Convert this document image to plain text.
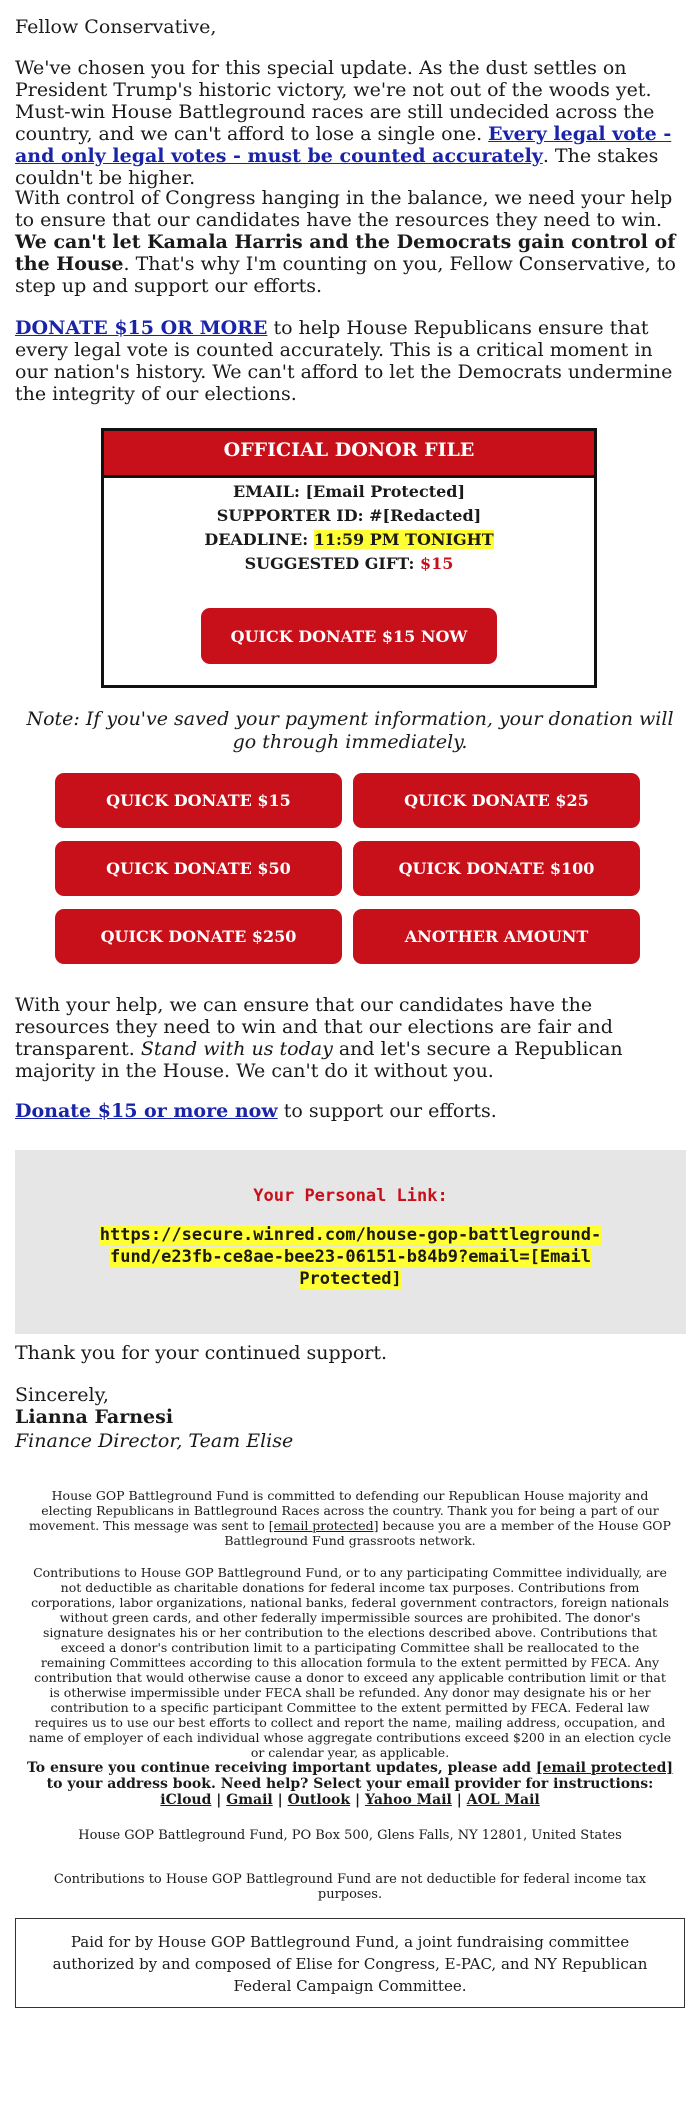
Fellow Conservative,
We've chosen you for this special update. As the dust settles on President Trump's historic victory, we're not out of the woods yet. Must-win House Battleground races are still undecided across the country, and we can't afford to lose a single one. Every legal vote - and only legal votes - must be counted accurately. The stakes couldn't be higher.
With control of Congress hanging in the balance, we need your help to ensure that our candidates have the resources they need to win. We can't let Kamala Harris and the Democrats gain control of the House. That's why I'm counting on you, Fellow Conservative, to step up and support our efforts.
DONATE $15 OR MORE to help House Republicans ensure that every legal vote is counted accurately. This is a critical moment in our nation's history. We can't afford to let the Democrats undermine the integrity of our elections.
OFFICIAL DONOR FILE
EMAIL: [Email Protected]
SUPPORTER ID: #[Redacted]
DEADLINE: 11:59 PM TONIGHT
SUGGESTED GIFT: $15
QUICK DONATE $15 NOW
Note: If you've saved your payment information, your donation will go through immediately.
QUICK DONATE $15	QUICK DONATE $25
QUICK DONATE $50	QUICK DONATE $100
QUICK DONATE $250	ANOTHER AMOUNT
With your help, we can ensure that our candidates have the resources they need to win and that our elections are fair and transparent. Stand with us today and let's secure a Republican majority in the House. We can't do it without you.
Donate $15 or more now to support our efforts.
Your Personal Link:
https://secure.winred.com/house-gop-battleground-fund/e23fb-ce8ae-bee23-06151-b84b9?email=[Email Protected]
Thank you for your continued support.
Sincerely,
Lianna Farnesi
Finance Director, Team Elise
House GOP Battleground Fund is committed to defending our Republican House majority and electing Republicans in Battleground Races across the country. Thank you for being a part of our movement. This message was sent to [email protected] because you are a member of the House GOP Battleground Fund grassroots network.
Contributions to House GOP Battleground Fund, or to any participating Committee individually, are not deductible as charitable donations for federal income tax purposes. Contributions from corporations, labor organizations, national banks, federal government contractors, foreign nationals without green cards, and other federally impermissible sources are prohibited. The donor's signature designates his or her contribution to the elections described above. Contributions that exceed a donor's contribution limit to a participating Committee shall be reallocated to the remaining Committees according to this allocation formula to the extent permitted by FECA. Any contribution that would otherwise cause a donor to exceed any applicable contribution limit or that is otherwise impermissible under FECA shall be refunded. Any donor may designate his or her contribution to a specific participant Committee to the extent permitted by FECA. Federal law requires us to use our best efforts to collect and report the name, mailing address, occupation, and name of employer of each individual whose aggregate contributions exceed $200 in an election cycle or calendar year, as applicable.
To ensure you continue receiving important updates, please add [email protected] to your address book. Need help? Select your email provider for instructions:
iCloud | Gmail | Outlook | Yahoo Mail | AOL Mail
House GOP Battleground Fund, PO Box 500, Glens Falls, NY 12801, United States
Contributions to House GOP Battleground Fund are not deductible for federal income tax purposes.
Paid for by House GOP Battleground Fund, a joint fundraising committee authorized by and composed of Elise for Congress, E-PAC, and NY Republican Federal Campaign Committee.
